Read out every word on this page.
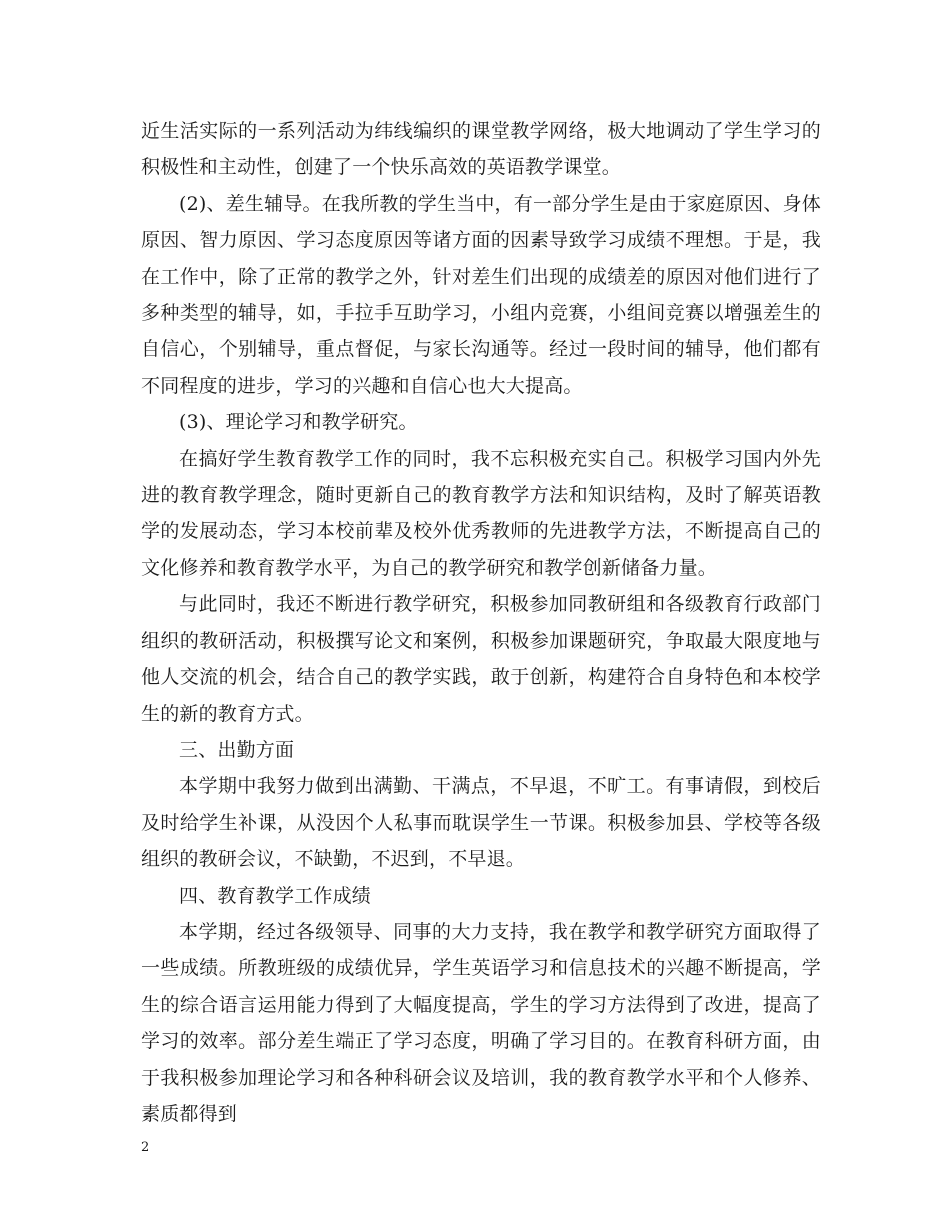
近生活实际的一系列活动为纬线编织的课堂教学网络，极大地调动了学生学习的积极性和主动性，创建了一个快乐高效的英语教学课堂。

(2)、差生辅导。在我所教的学生当中，有一部分学生是由于家庭原因、身体原因、智力原因、学习态度原因等诸方面的因素导致学习成绩不理想。于是，我在工作中，除了正常的教学之外，针对差生们出现的成绩差的原因对他们进行了多种类型的辅导，如，手拉手互助学习，小组内竞赛，小组间竞赛以增强差生的自信心，个别辅导，重点督促，与家长沟通等。经过一段时间的辅导，他们都有不同程度的进步，学习的兴趣和自信心也大大提高。

(3)、理论学习和教学研究。

在搞好学生教育教学工作的同时，我不忘积极充实自己。积极学习国内外先进的教育教学理念，随时更新自己的教育教学方法和知识结构，及时了解英语教学的发展动态，学习本校前辈及校外优秀教师的先进教学方法，不断提高自己的文化修养和教育教学水平，为自己的教学研究和教学创新储备力量。

与此同时，我还不断进行教学研究，积极参加同教研组和各级教育行政部门组织的教研活动，积极撰写论文和案例，积极参加课题研究，争取最大限度地与他人交流的机会，结合自己的教学实践，敢于创新，构建符合自身特色和本校学生的新的教育方式。

三、出勤方面

本学期中我努力做到出满勤、干满点，不早退，不旷工。有事请假，到校后及时给学生补课，从没因个人私事而耽误学生一节课。积极参加县、学校等各级组织的教研会议，不缺勤，不迟到，不早退。

四、教育教学工作成绩

本学期，经过各级领导、同事的大力支持，我在教学和教学研究方面取得了一些成绩。所教班级的成绩优异，学生英语学习和信息技术的兴趣不断提高，学生的综合语言运用能力得到了大幅度提高，学生的学习方法得到了改进，提高了学习的效率。部分差生端正了学习态度，明确了学习目的。在教育科研方面，由于我积极参加理论学习和各种科研会议及培训，我的教育教学水平和个人修养、素质都得到

2
